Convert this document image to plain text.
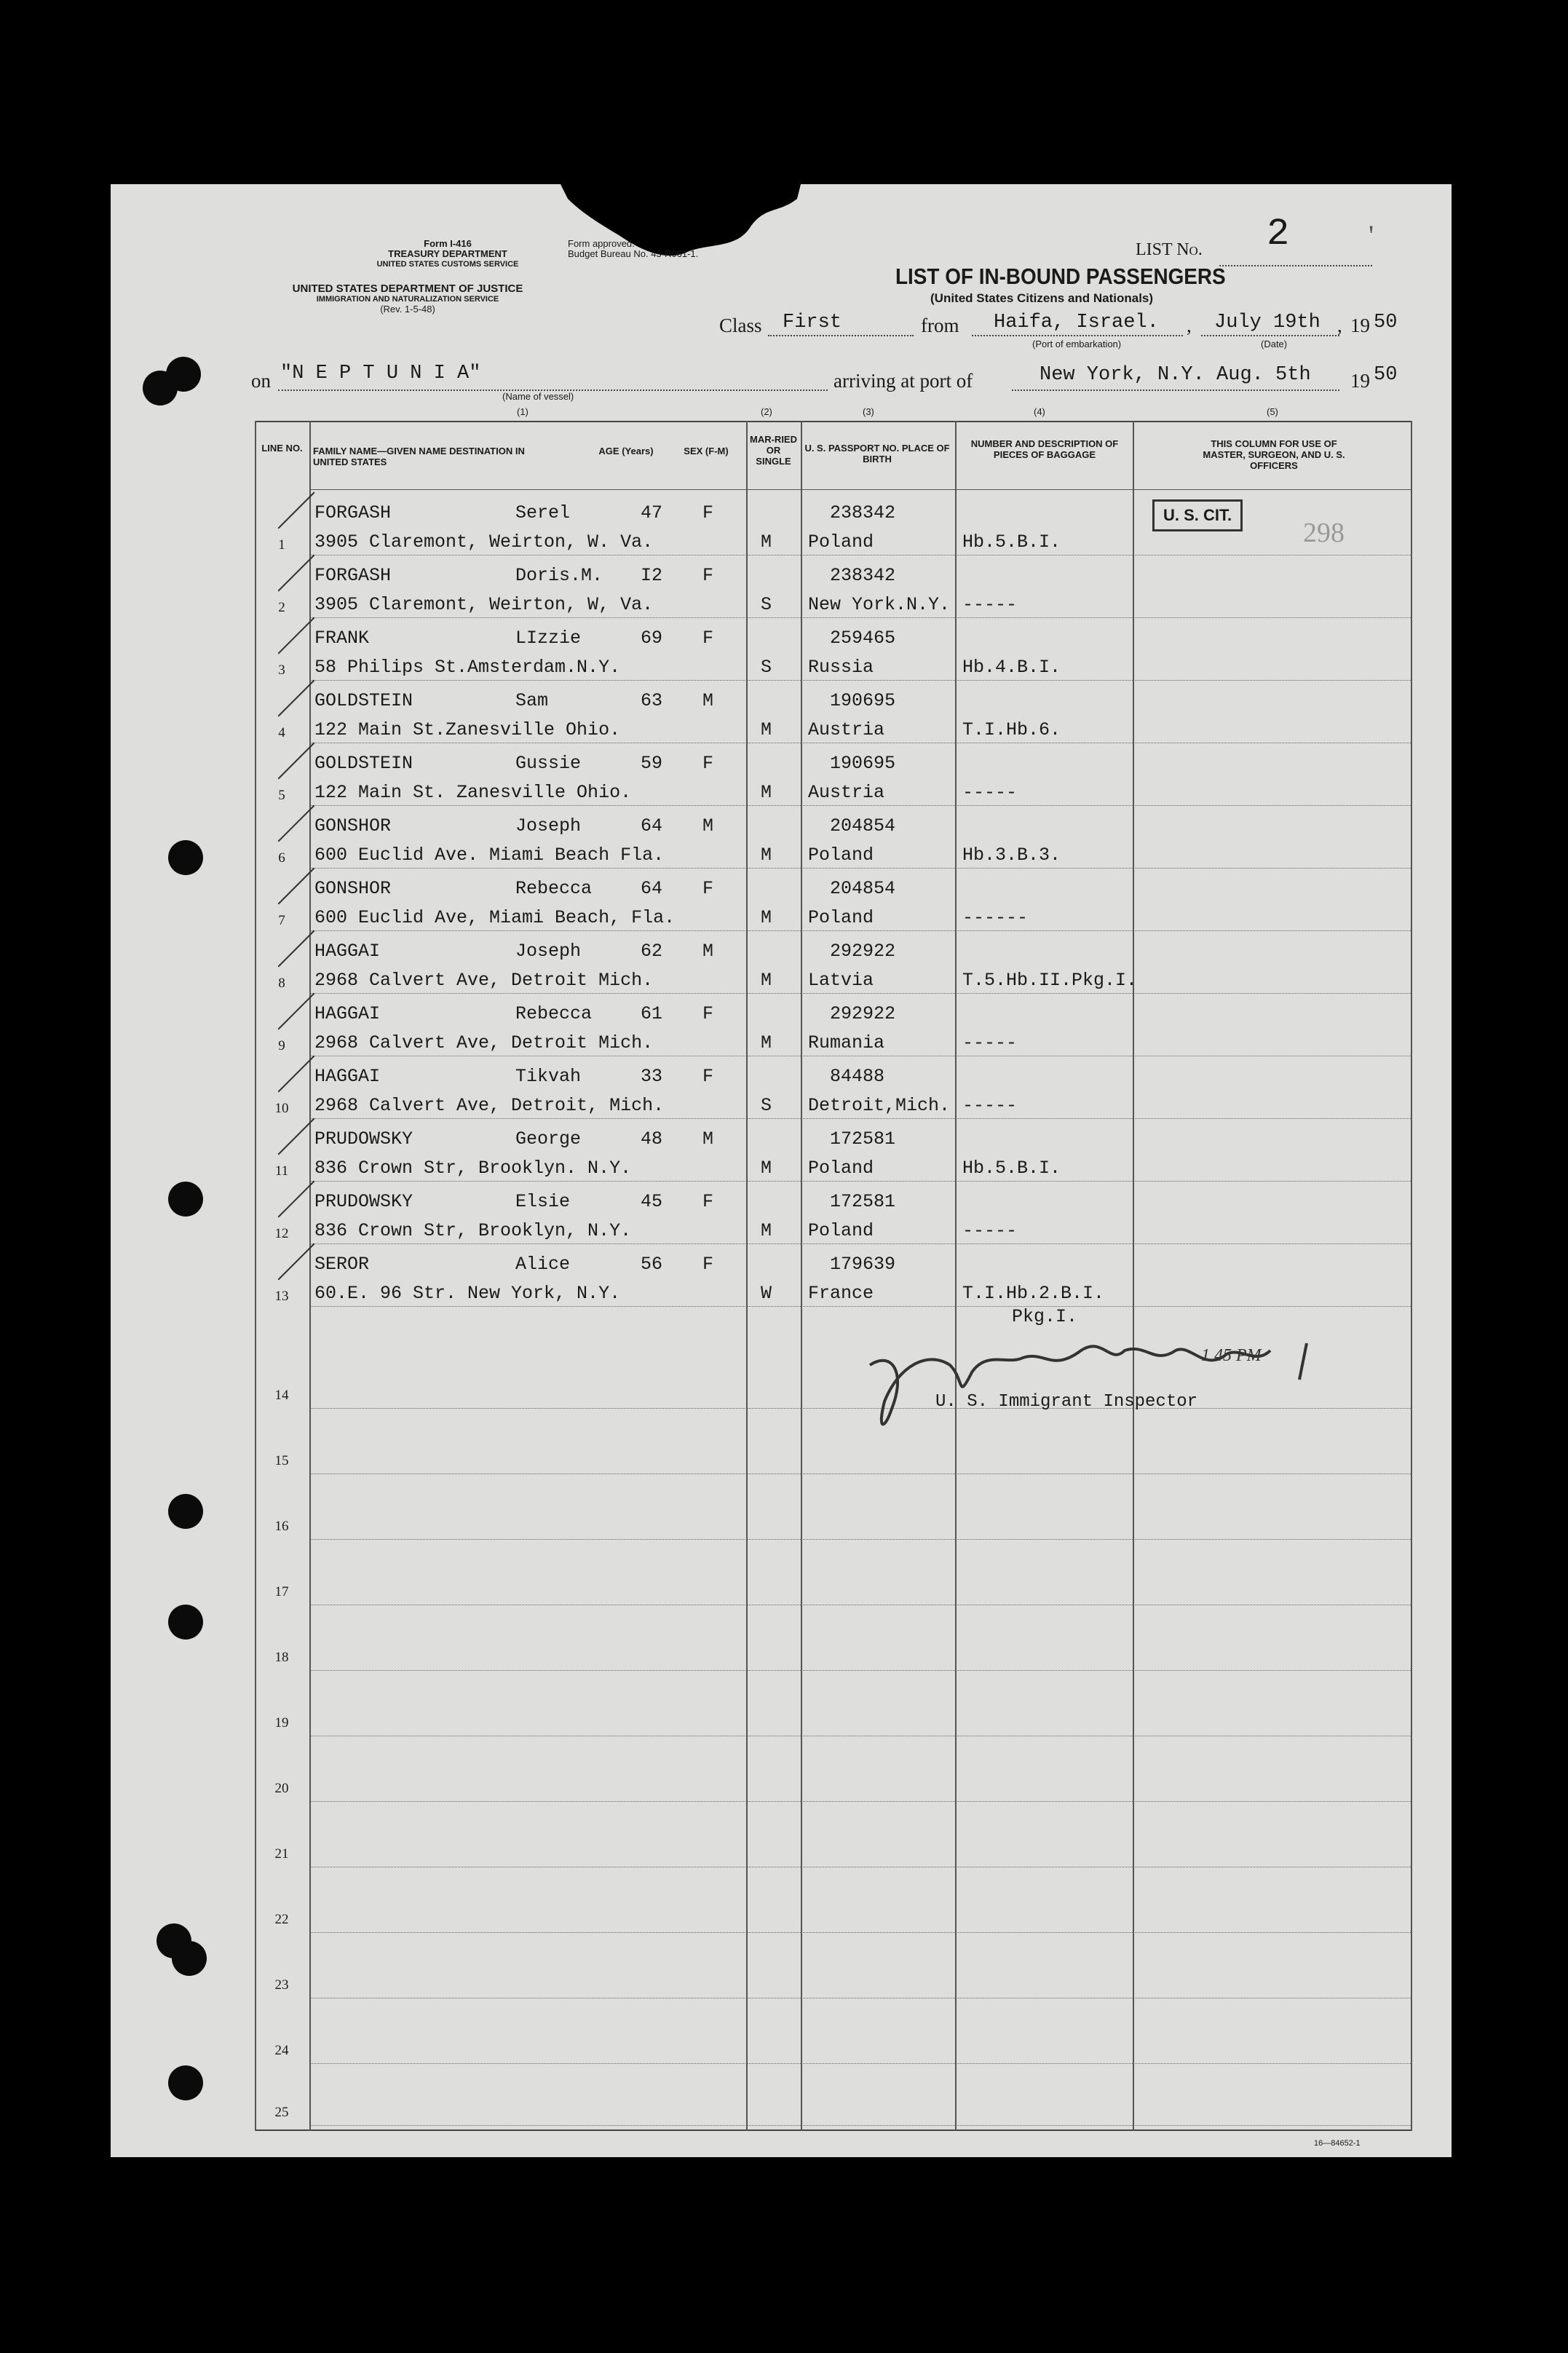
Form I-416
TREASURY DEPARTMENT
UNITED STATES CUSTOMS SERVICE
Form approved.
Budget Bureau No. 43-R061-1.
UNITED STATES DEPARTMENT OF JUSTICE
IMMIGRATION AND NATURALIZATION SERVICE
(Rev. 1-5-48)
LIST No. 2	'
LIST OF IN-BOUND PASSENGERS
(United States Citizens and Nationals)
Class First	from Haifa, Israel.
(Port of embarkation)
, July 19th , 19 50
(Date)
on "N E P T U N I A"
(Name of vessel)
arriving at port of	New York, N.Y. Aug. 5th 19 50
(1)	(2)	(3)	(4)	(5)
LINE NO.	FAMILY NAME—GIVEN NAME DESTINATION IN UNITED STATES
AGE (Years)	SEX (F-M)
MAR-RIED OR SINGLE
U. S. PASSPORT NO. PLACE OF BIRTH
NUMBER AND DESCRIPTION OF PIECES OF BAGGAGE
THIS COLUMN FOR USE OF MASTER, SURGEON, AND U. S. OFFICERS
FORGASH	Serel	47 F	238342
3905 Claremont, Weirton, W. Va.	M Poland	Hb.5.B.I.
1
FORGASH	Doris.M. I2 F	238342
3905 Claremont, Weirton, W, Va.	S New York.N.Y. -----
2
FRANK	LIzzie	69 F	259465
58 Philips St.Amsterdam.N.Y.	S Russia	Hb.4.B.I.
3
GOLDSTEIN	Sam	63 M	190695
122 Main St.Zanesville Ohio.	M Austria	T.I.Hb.6.
4
GOLDSTEIN	Gussie	59 F	190695
122 Main St. Zanesville Ohio.	M Austria	-----
5
GONSHOR	Joseph	64 M	204854
600 Euclid Ave. Miami Beach Fla.	M Poland	Hb.3.B.3.
6
GONSHOR	Rebecca	64 F	204854
600 Euclid Ave, Miami Beach, Fla.	M Poland	------
7
HAGGAI	Joseph	62 M	292922
2968 Calvert Ave, Detroit Mich.	M Latvia	T.5.Hb.II.Pkg.I.
8
HAGGAI	Rebecca	61 F	292922
2968 Calvert Ave, Detroit Mich.	M Rumania	-----
9
HAGGAI	Tikvah	33 F	84488
2968 Calvert Ave, Detroit, Mich.	S Detroit,Mich. -----
10
PRUDOWSKY	George	48 M	172581
836 Crown Str, Brooklyn. N.Y.	M Poland	Hb.5.B.I.
11
PRUDOWSKY	Elsie	45 F	172581
836 Crown Str, Brooklyn, N.Y.	M Poland	-----
12
SEROR	Alice	56 F	179639
60.E. 96 Str. New York, N.Y.	W France	T.I.Hb.2.B.I.
Pkg.I.
13
14
15
16
17
18
19
20
21
22
23
24
25
U. S. CIT.
298
1 45 PM
U. S. Immigrant Inspector
16—84652-1
